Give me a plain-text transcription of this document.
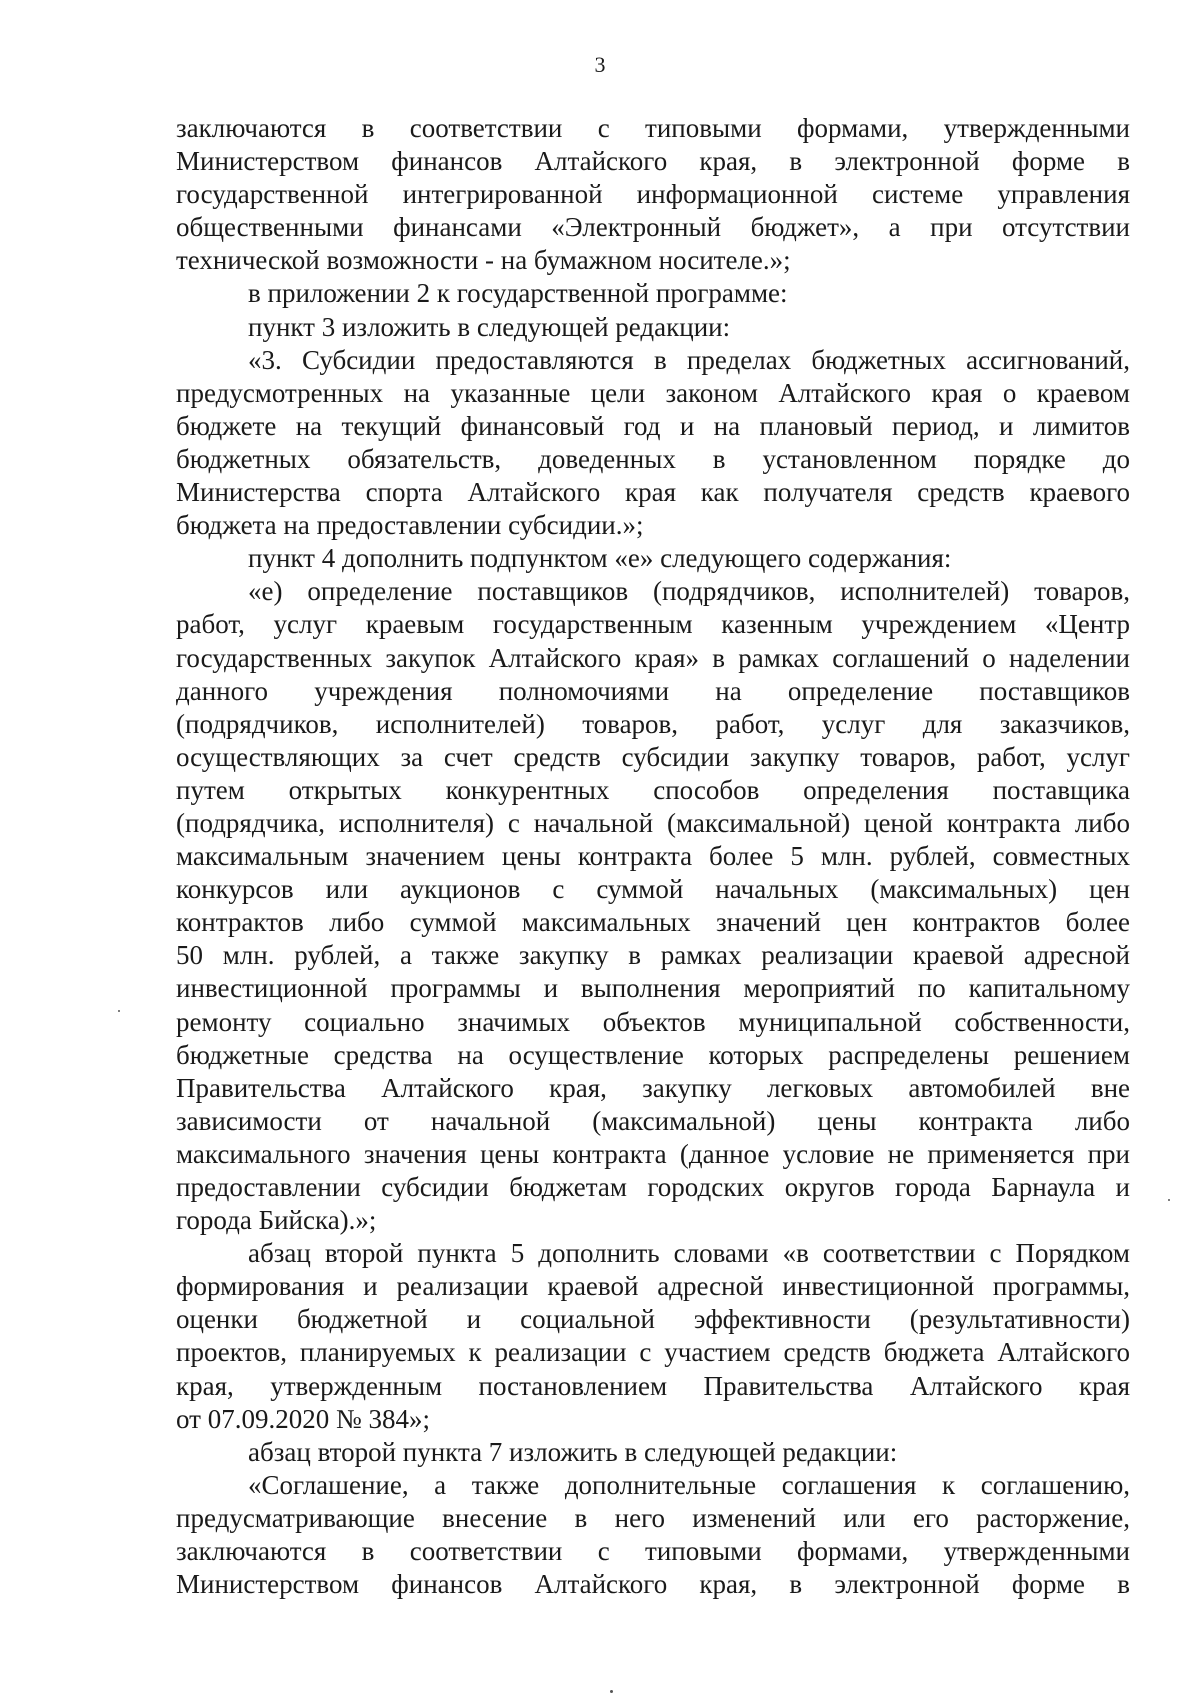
3

заключаются в соответствии с типовыми формами, утвержденными
Министерством финансов Алтайского края, в электронной форме в
государственной интегрированной информационной системе управления
общественными финансами «Электронный бюджет», а при отсутствии
технической возможности - на бумажном носителе.»;

в приложении 2 к государственной программе:

пункт 3 изложить в следующей редакции:

«3. Субсидии предоставляются в пределах бюджетных ассигнований,
предусмотренных на указанные цели законом Алтайского края о краевом
бюджете на текущий финансовый год и на плановый период, и лимитов
бюджетных обязательств, доведенных в установленном порядке до
Министерства спорта Алтайского края как получателя средств краевого
бюджета на предоставлении субсидии.»;

пункт 4 дополнить подпунктом «е» следующего содержания:

«е) определение поставщиков (подрядчиков, исполнителей) товаров,
работ, услуг краевым государственным казенным учреждением «Центр
государственных закупок Алтайского края» в рамках соглашений о наделении
данного учреждения полномочиями на определение поставщиков
(подрядчиков, исполнителей) товаров, работ, услуг для заказчиков,
осуществляющих за счет средств субсидии закупку товаров, работ, услуг
путем открытых конкурентных способов определения поставщика
(подрядчика, исполнителя) с начальной (максимальной) ценой контракта либо
максимальным значением цены контракта более 5 млн. рублей, совместных
конкурсов или аукционов с суммой начальных (максимальных) цен
контрактов либо суммой максимальных значений цен контрактов более
50 млн. рублей, а также закупку в рамках реализации краевой адресной
инвестиционной программы и выполнения мероприятий по капитальному
ремонту социально значимых объектов муниципальной собственности,
бюджетные средства на осуществление которых распределены решением
Правительства Алтайского края, закупку легковых автомобилей вне
зависимости от начальной (максимальной) цены контракта либо
максимального значения цены контракта (данное условие не применяется при
предоставлении субсидии бюджетам городских округов города Барнаула и
города Бийска).»;

абзац второй пункта 5 дополнить словами «в соответствии с Порядком
формирования и реализации краевой адресной инвестиционной программы,
оценки бюджетной и социальной эффективности (результативности)
проектов, планируемых к реализации с участием средств бюджета Алтайского
края, утвержденным постановлением Правительства Алтайского края
от 07.09.2020 № 384»;

абзац второй пункта 7 изложить в следующей редакции:

«Соглашение, а также дополнительные соглашения к соглашению,
предусматривающие внесение в него изменений или его расторжение,
заключаются в соответствии с типовыми формами, утвержденными
Министерством финансов Алтайского края, в электронной форме в
